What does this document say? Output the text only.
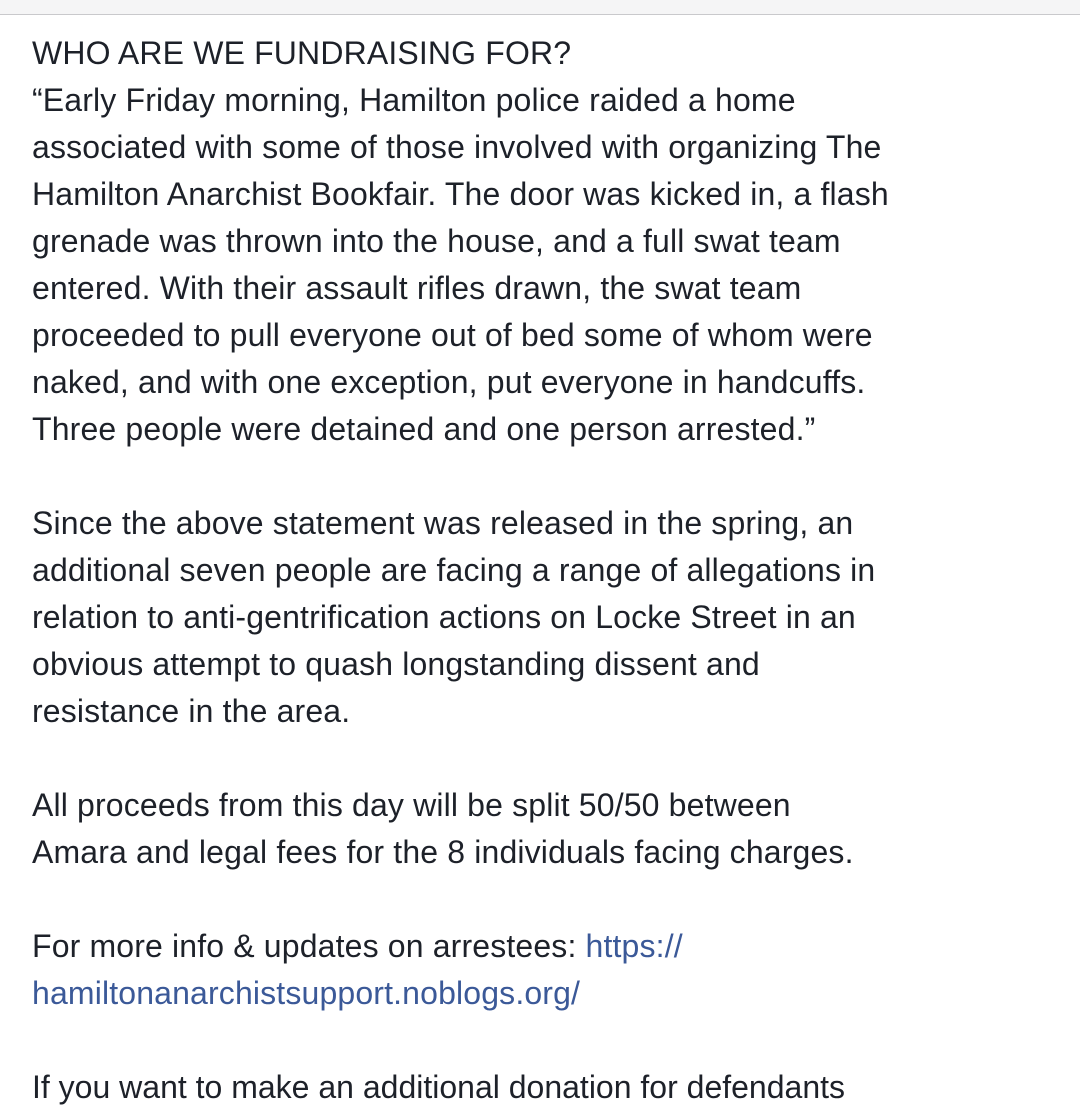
WHO ARE WE FUNDRAISING FOR?

“Early Friday morning, Hamilton police raided a home

associated with some of those involved with organizing The

Hamilton Anarchist Bookfair. The door was kicked in, a flash

grenade was thrown into the house, and a full swat team

entered. With their assault rifles drawn, the swat team

proceeded to pull everyone out of bed some of whom were

naked, and with one exception, put everyone in handcuffs.

Three people were detained and one person arrested.”

Since the above statement was released in the spring, an

additional seven people are facing a range of allegations in

relation to anti-gentrification actions on Locke Street in an

obvious attempt to quash longstanding dissent and

resistance in the area.

All proceeds from this day will be split 50/50 between

Amara and legal fees for the 8 individuals facing charges.

For more info & updates on arrestees: https://

hamiltonanarchistsupport.noblogs.org/

If you want to make an additional donation for defendants
